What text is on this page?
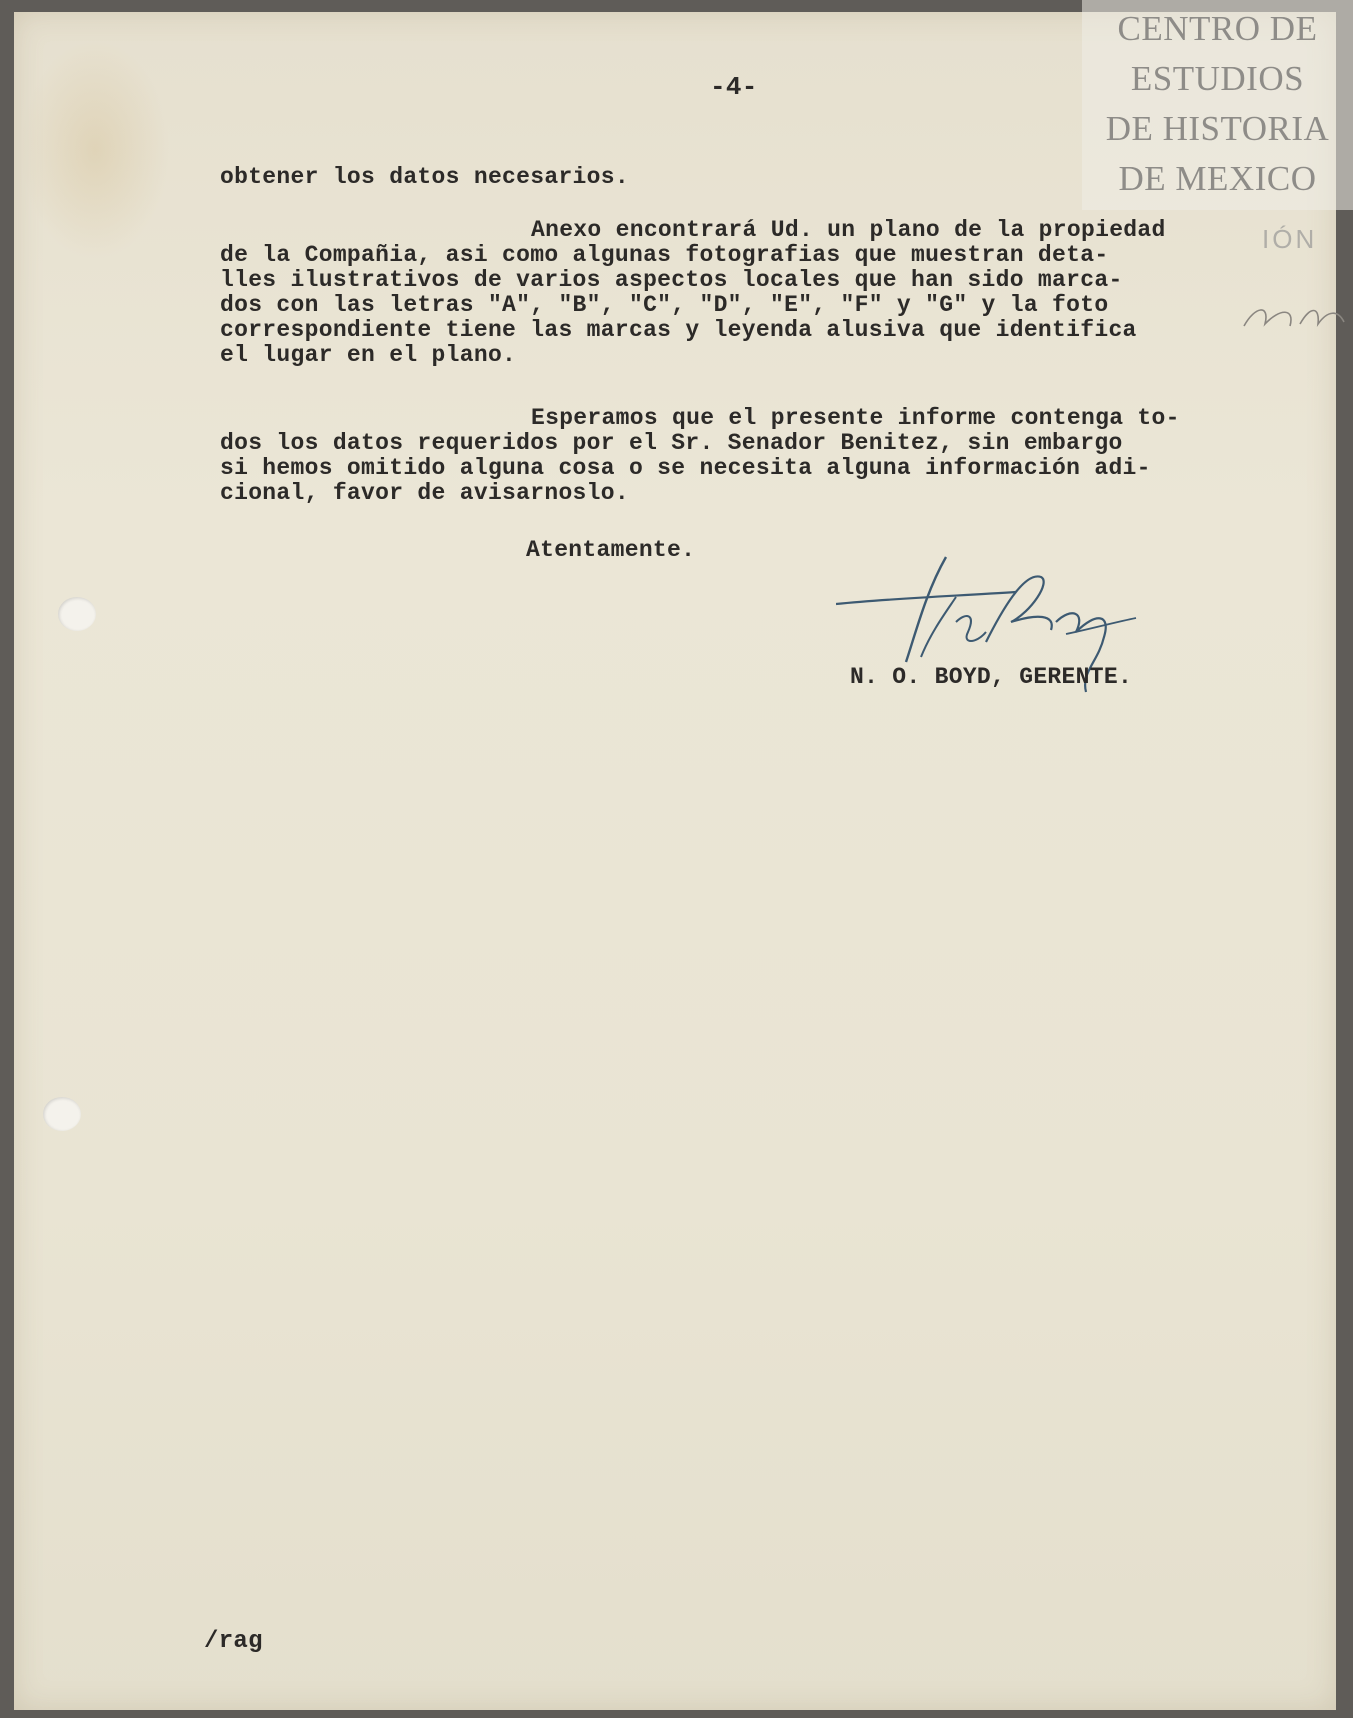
CENTRO DE
ESTUDIOS
DE HISTORIA
DE MEXICO
IÓN
-4-
obtener los datos necesarios.
Anexo encontrará Ud. un plano de la propiedad
de la Compañia, asi como algunas fotografias que muestran deta-
lles ilustrativos de varios aspectos locales que han sido marca-
dos con las letras "A", "B", "C", "D", "E", "F" y "G" y la foto
correspondiente tiene las marcas y leyenda alusiva que identifica
el lugar en el plano.
Esperamos que el presente informe contenga to-
dos los datos requeridos por el Sr. Senador Benitez, sin embargo
si hemos omitido alguna cosa o se necesita alguna información adi-
cional, favor de avisarnoslo.
Atentamente.
N. O. BOYD, GERENTE.
/rag
